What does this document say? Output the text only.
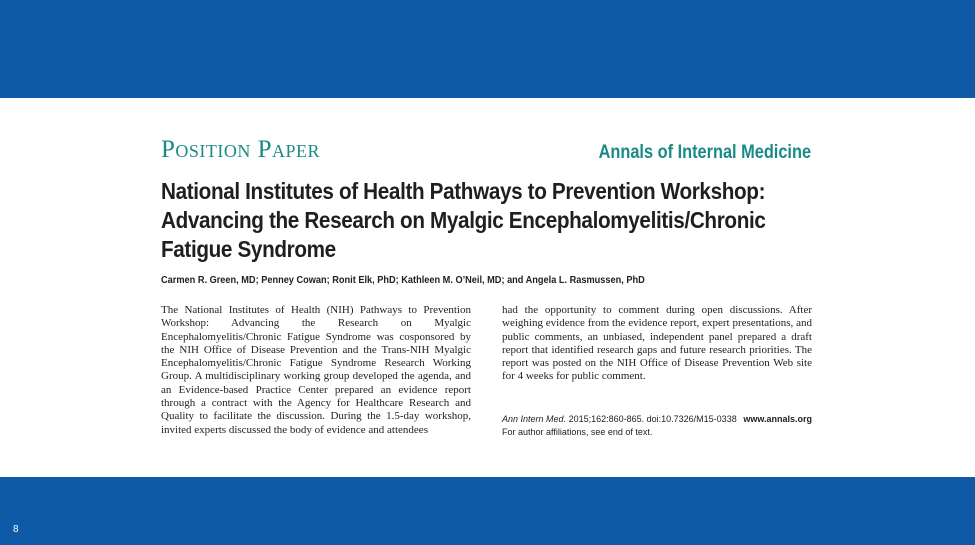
Position Paper	Annals of Internal Medicine
National Institutes of Health Pathways to Prevention Workshop: Advancing the Research on Myalgic Encephalomyelitis/Chronic Fatigue Syndrome
Carmen R. Green, MD; Penney Cowan; Ronit Elk, PhD; Kathleen M. O’Neil, MD; and Angela L. Rasmussen, PhD
The National Institutes of Health (NIH) Pathways to Prevention Workshop: Advancing the Research on Myalgic Encephalomyelitis/Chronic Fatigue Syndrome was cosponsored by the NIH Office of Disease Prevention and the Trans-NIH Myalgic Encephalomyelitis/Chronic Fatigue Syndrome Research Working Group. A multidisciplinary working group developed the agenda, and an Evidence-based Practice Center prepared an evidence report through a contract with the Agency for Healthcare Research and Quality to facilitate the discussion. During the 1.5-day workshop, invited experts discussed the body of evidence and attendees
had the opportunity to comment during open discussions. After weighing evidence from the evidence report, expert presentations, and public comments, an unbiased, independent panel prepared a draft report that identified research gaps and future research priorities. The report was posted on the NIH Office of Disease Prevention Web site for 4 weeks for public comment.
Ann Intern Med. 2015;162:860-865. doi:10.7326/M15-0338 www.annals.org
For author affiliations, see end of text.
8
